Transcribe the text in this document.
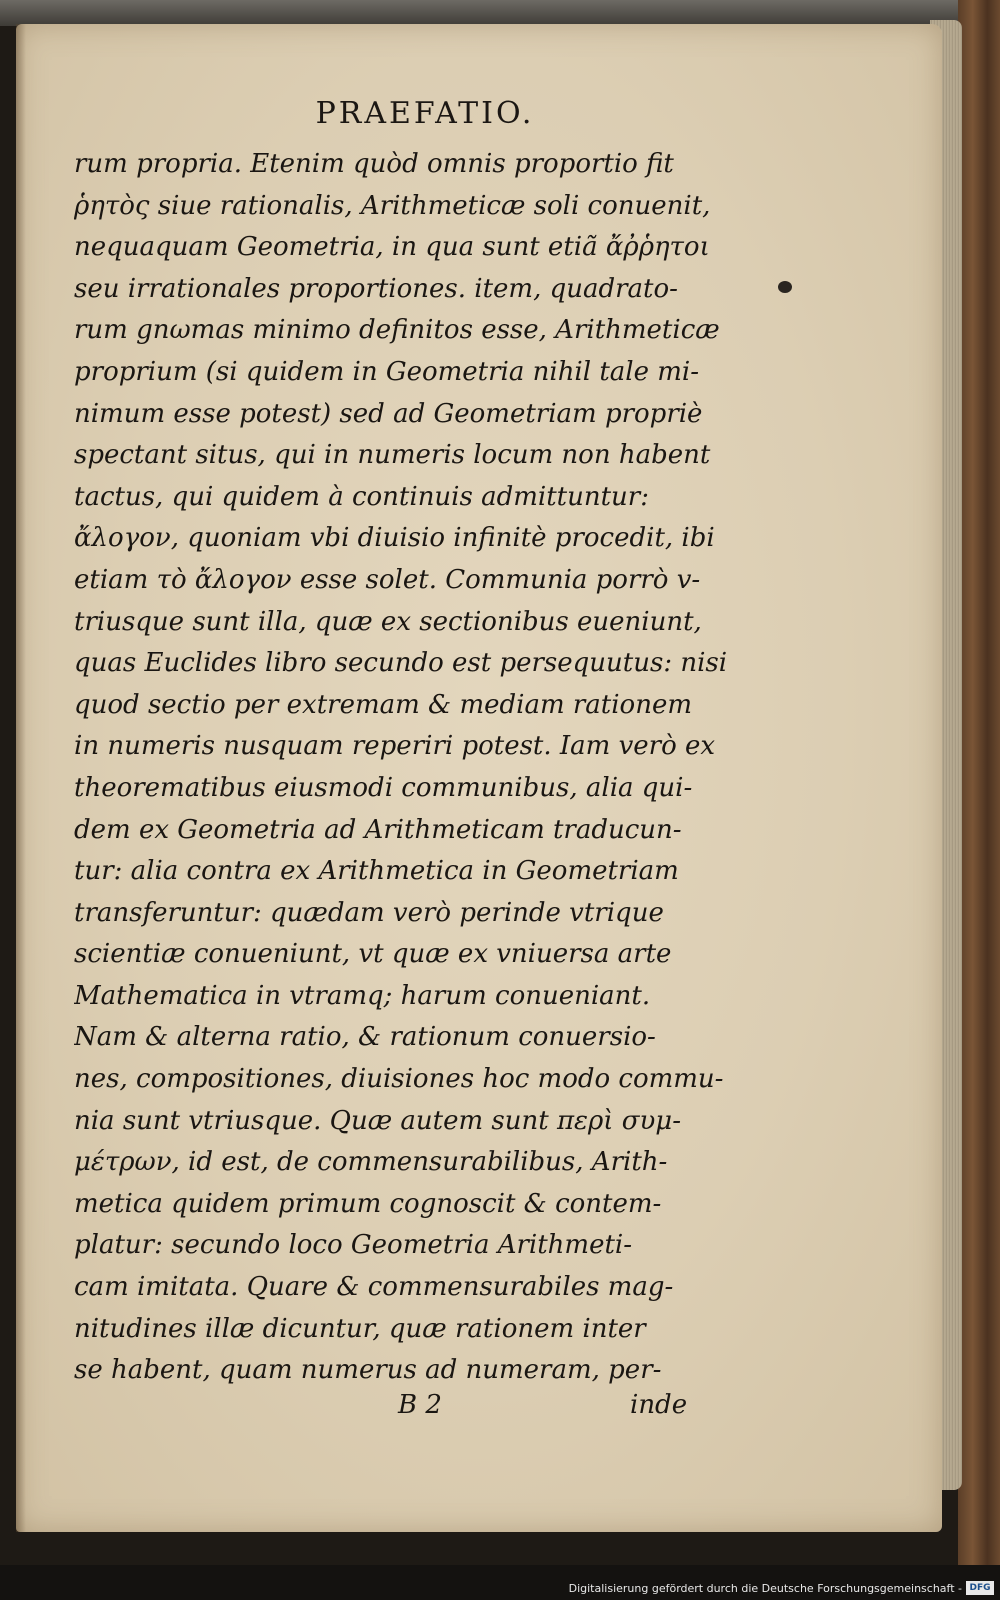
PRAEFATIO.
rum propria. Etenim quòd omnis proportio fit
ῥητὸς siue rationalis, Arithmeticæ soli conuenit,
nequaquam Geometria, in qua sunt etiã ἄῤῥητοι
seu irrationales proportiones. item, quadrato-
rum gnωmas minimo definitos esse, Arithmeticæ
proprium (si quidem in Geometria nihil tale mi-
nimum esse potest) sed ad Geometriam propriè
spectant situs, qui in numeris locum non habent
tactus, qui quidem à continuis admittuntur:
ἄλογον, quoniam vbi diuisio infinitè procedit, ibi
etiam τὸ ἄλογον esse solet. Communia porrò v-
triusque sunt illa, quæ ex sectionibus eueniunt,
quas Euclides libro secundo est persequutus: nisi
quod sectio per extremam & mediam rationem
in numeris nusquam reperiri potest. Iam verò ex
theorematibus eiusmodi communibus, alia qui-
dem ex Geometria ad Arithmeticam traducun-
tur: alia contra ex Arithmetica in Geometriam
transferuntur: quædam verò perinde vtrique
scientiæ conueniunt, vt quæ ex vniuersa arte
Mathematica in vtramq; harum conueniant.
Nam & alterna ratio, & rationum conuersio-
nes, compositiones, diuisiones hoc modo commu-
nia sunt vtriusque. Quæ autem sunt περὶ συμ-
μέτρων, id est, de commensurabilibus, Arith-
metica quidem primum cognoscit & contem-
platur: secundo loco Geometria Arithmeti-
cam imitata. Quare & commensurabiles mag-
nitudines illæ dicuntur, quæ rationem inter
se habent, quam numerus ad numeram, per-
B 2	inde
Digitalisierung gefördert durch die Deutsche Forschungsgemeinschaft - DFG
